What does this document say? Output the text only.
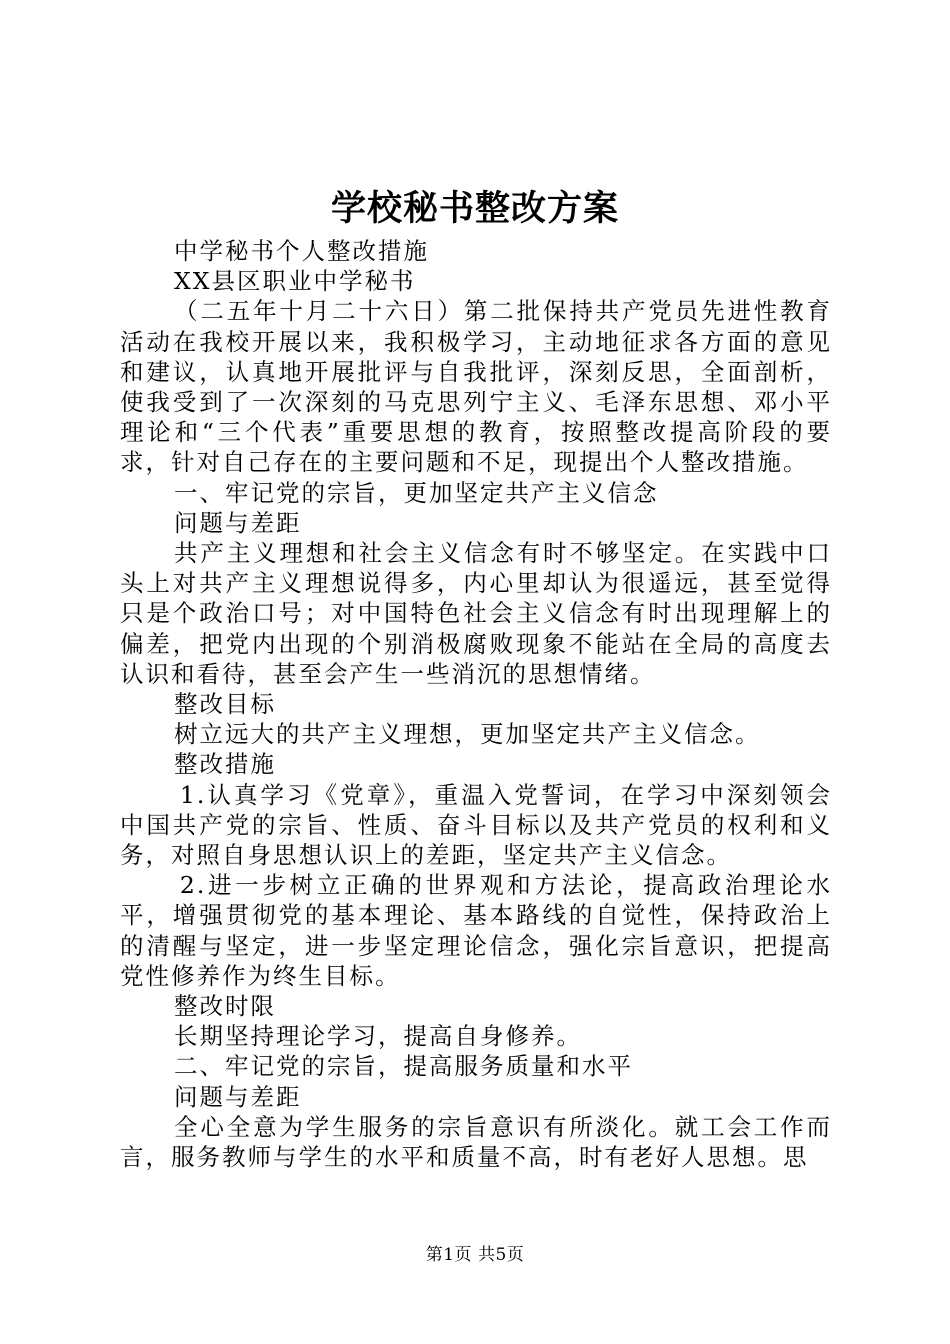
学校秘书整改方案

中学秘书个人整改措施

XX县区职业中学秘书

（二五年十月二十六日）第二批保持共产党员先进性教育活动在我校开展以来，我积极学习，主动地征求各方面的意见和建议，认真地开展批评与自我批评，深刻反思，全面剖析，使我受到了一次深刻的马克思列宁主义、毛泽东思想、邓小平理论和“三个代表”重要思想的教育，按照整改提高阶段的要求，针对自己存在的主要问题和不足，现提出个人整改措施。

一、牢记党的宗旨，更加坚定共产主义信念

问题与差距

共产主义理想和社会主义信念有时不够坚定。在实践中口头上对共产主义理想说得多，内心里却认为很遥远，甚至觉得只是个政治口号；对中国特色社会主义信念有时出现理解上的偏差，把党内出现的个别消极腐败现象不能站在全局的高度去认识和看待，甚至会产生一些消沉的思想情绪。

整改目标

树立远大的共产主义理想，更加坚定共产主义信念。

整改措施

1.认真学习《党章》，重温入党誓词，在学习中深刻领会中国共产党的宗旨、性质、奋斗目标以及共产党员的权利和义务，对照自身思想认识上的差距，坚定共产主义信念。

2.进一步树立正确的世界观和方法论，提高政治理论水平，增强贯彻党的基本理论、基本路线的自觉性，保持政治上的清醒与坚定，进一步坚定理论信念，强化宗旨意识，把提高党性修养作为终生目标。

整改时限

长期坚持理论学习，提高自身修养。

二、牢记党的宗旨，提高服务质量和水平

问题与差距

全心全意为学生服务的宗旨意识有所淡化。就工会工作而言，服务教师与学生的水平和质量不高，时有老好人思想。思

第1页 共5页
